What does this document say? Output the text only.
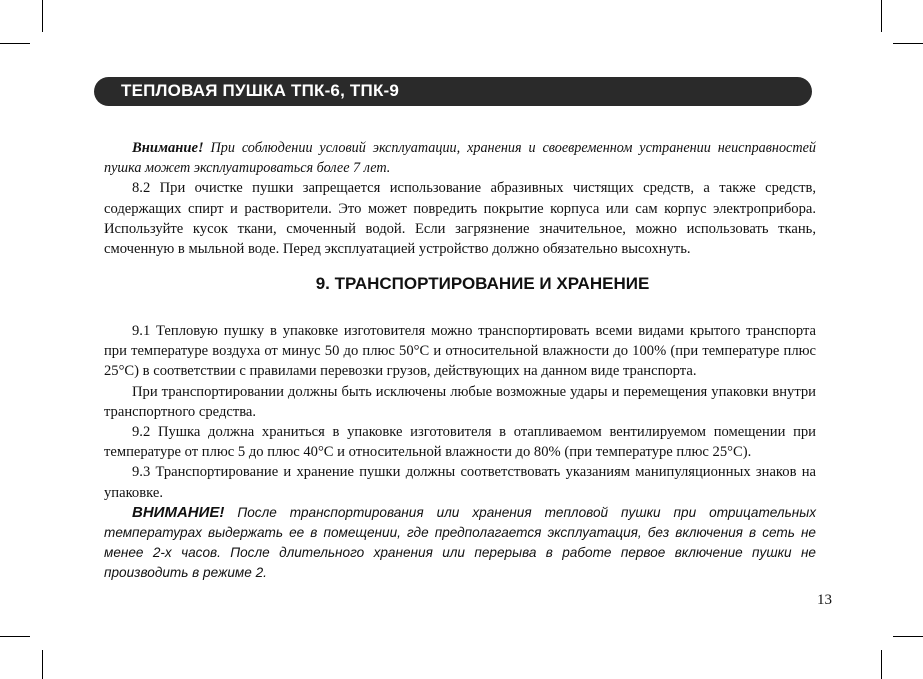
ТЕПЛОВАЯ ПУШКА ТПК-6, ТПК-9

Внимание! При соблюдении условий эксплуатации, хранения и своевременном устранении неисправностей пушка может эксплуатироваться более 7 лет.

8.2 При очистке пушки запрещается использование абразивных чистящих средств, а также средств, содержащих спирт и растворители. Это может повредить покрытие корпуса или сам корпус электроприбора. Используйте кусок ткани, смоченный водой. Если загрязнение значительное, можно использовать ткань, смоченную в мыльной воде. Перед эксплуатацией устройство должно обязательно высохнуть.

9. ТРАНСПОРТИРОВАНИЕ И ХРАНЕНИЕ

9.1 Тепловую пушку в упаковке изготовителя можно транспортировать всеми видами крытого транспорта при температуре воздуха от минус 50 до плюс 50°С и относительной влажности до 100% (при температуре плюс 25°С) в соответствии с правилами перевозки грузов, действующих на данном виде транспорта.

При транспортировании должны быть исключены любые возможные удары и перемещения упаковки внутри транспортного средства.

9.2 Пушка должна храниться в упаковке изготовителя в отапливаемом вентилируемом помещении при температуре от плюс 5 до плюс 40°С и относительной влажности до 80% (при температуре плюс 25°С).

9.3 Транспортирование и хранение пушки должны соответствовать указаниям манипуляционных знаков на упаковке.

ВНИМАНИЕ! После транспортирования или хранения тепловой пушки при отрицательных температурах выдержать ее в помещении, где предполагается эксплуатация, без включения в сеть не менее 2-х часов. После длительного хранения или перерыва в работе первое включение пушки не производить в режиме 2.

13
